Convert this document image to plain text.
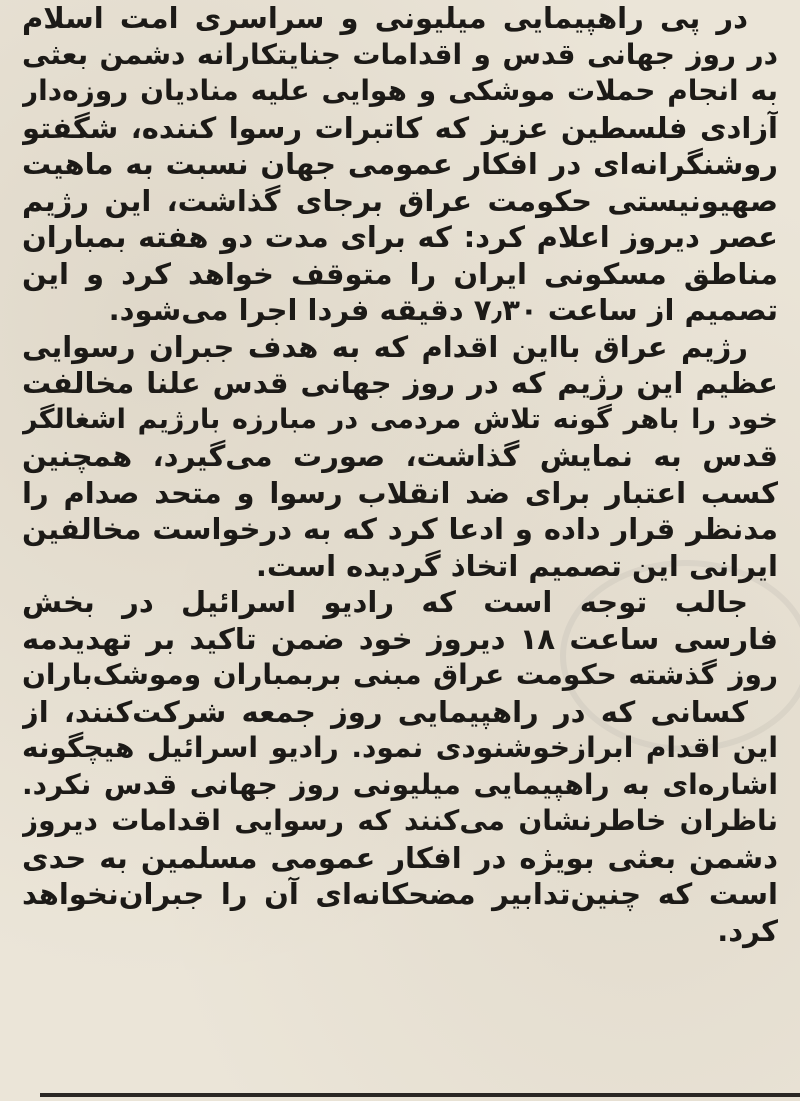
در پی راهپیمایی میلیونی و سراسری امت اسلام
در روز جهانی قدس و اقدامات جنایتکارانه دشمن بعثی
به انجام حملات موشکی و هوایی علیه منادیان روزه‌دار
آزادی فلسطین عزیز که کاتبرات رسوا کننده، شگفتو
روشنگرانه‌ای در افکار عمومی جهان نسبت به ماهیت
صهیونیستی حکومت عراق برجای گذاشت، این رژیم
عصر دیروز اعلام کرد: که برای مدت دو هفته بمباران
مناطق مسکونی ایران را متوقف خواهد کرد و این
تصمیم از ساعت ۷٫۳۰ دقیقه فردا اجرا می‌شود.
رژیم عراق بااین اقدام که به هدف جبران رسوایی
عظیم این رژیم که در روز جهانی قدس علنا مخالفت
خود را باهر گونه تلاش مردمی در مبارزه بارژیم اشغالگر
قدس به نمایش گذاشت، صورت می‌گیرد، همچنین
کسب اعتبار برای ضد انقلاب رسوا و متحد صدام را
مدنظر قرار داده و ادعا کرد که به درخواست مخالفین
ایرانی این تصمیم اتخاذ گردیده است.
جالب توجه است که رادیو اسرائیل در بخش
فارسی ساعت ۱۸ دیروز خود ضمن تاکید بر تهدیدمه
روز گذشته حکومت عراق مبنی بربمباران وموشک‌باران
کسانی که در راهپیمایی روز جمعه شرکت‌کنند، از
این اقدام ابرازخوشنودی نمود. رادیو اسرائیل هیچگونه
اشاره‌ای به راهپیمایی میلیونی روز جهانی قدس نکرد.
ناظران خاطرنشان می‌کنند که رسوایی اقدامات دیروز
دشمن بعثی بویژه در افکار عمومی مسلمین به حدی
است که چنین‌تدابیر مضحکانه‌ای آن را جبران‌نخواهد
کرد.
